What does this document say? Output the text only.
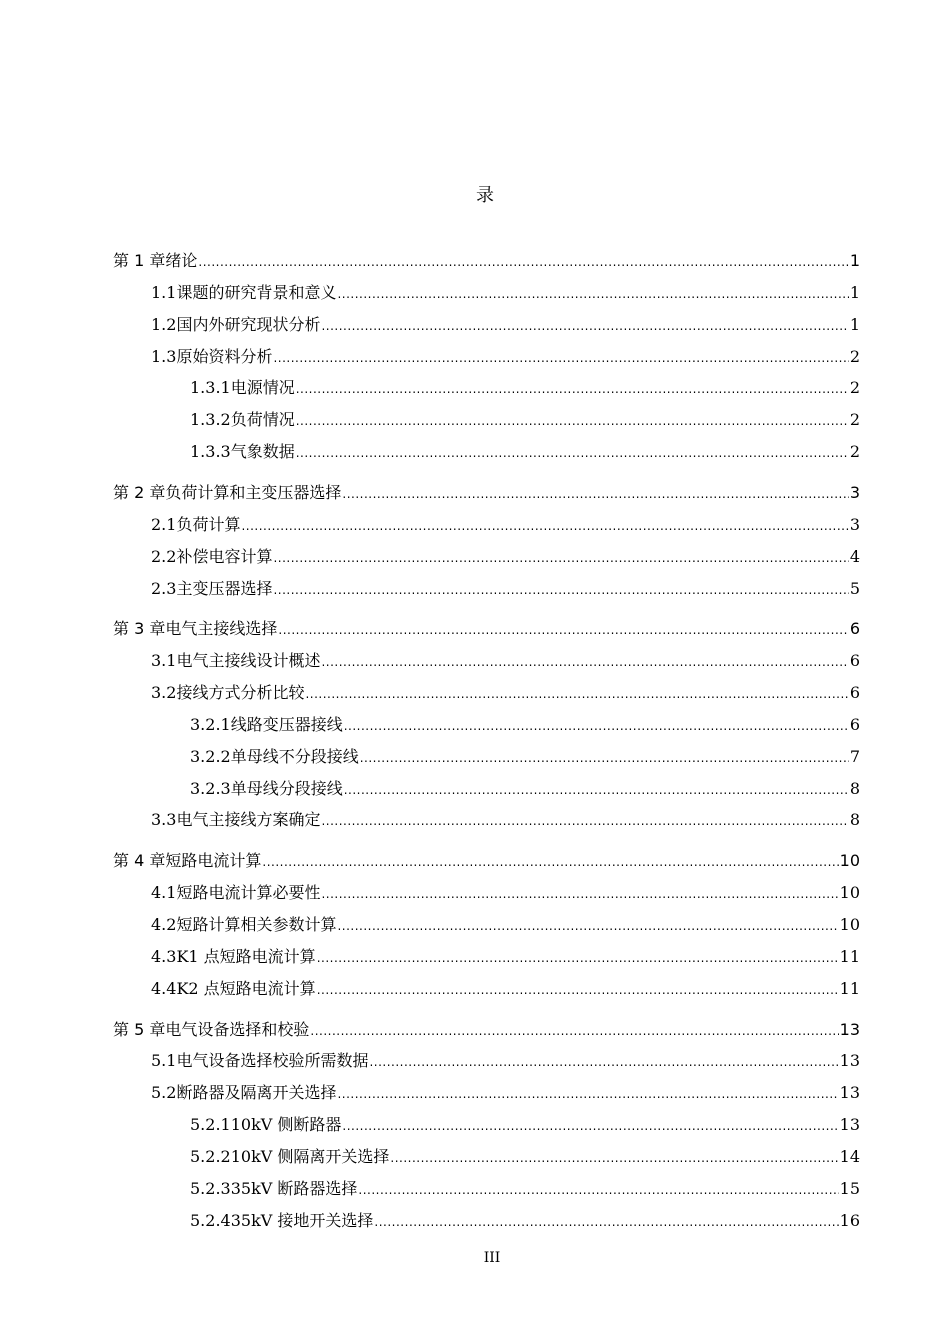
录
第 1 章 绪论 .....	1
1.1 课题的研究背景和意义 .....	1
1.2 国内外研究现状分析 .....	1
1.3 原始资料分析 .....	2
1.3.1 电源情况 .....	2
1.3.2 负荷情况 .....	2
1.3.3 气象数据 .....	2
第 2 章 负荷计算和主变压器选择 .....	3
2.1 负荷计算 .....	3
2.2 补偿电容计算 .....	4
2.3 主变压器选择 .....	5
第 3 章 电气主接线选择 .....	6
3.1 电气主接线设计概述 .....	6
3.2 接线方式分析比较 .....	6
3.2.1 线路变压器接线 .....	6
3.2.2 单母线不分段接线 .....	7
3.2.3 单母线分段接线 .....	8
3.3 电气主接线方案确定 .....	8
第 4 章 短路电流计算 .....	10
4.1 短路电流计算必要性 .....	10
4.2 短路计算相关参数计算 .....	10
4.3 K1 点短路电流计算 .....	11
4.4 K2 点短路电流计算 .....	11
第 5 章 电气设备选择和校验 .....	13
5.1 电气设备选择校验所需数据 .....	13
5.2 断路器及隔离开关选择 .....	13
5.2.1 10kV 侧断路器 .....	13
5.2.2 10kV 侧隔离开关选择 .....	14
5.2.3 35kV 断路器选择 .....	15
5.2.4 35kV 接地开关选择 .....	16
III
